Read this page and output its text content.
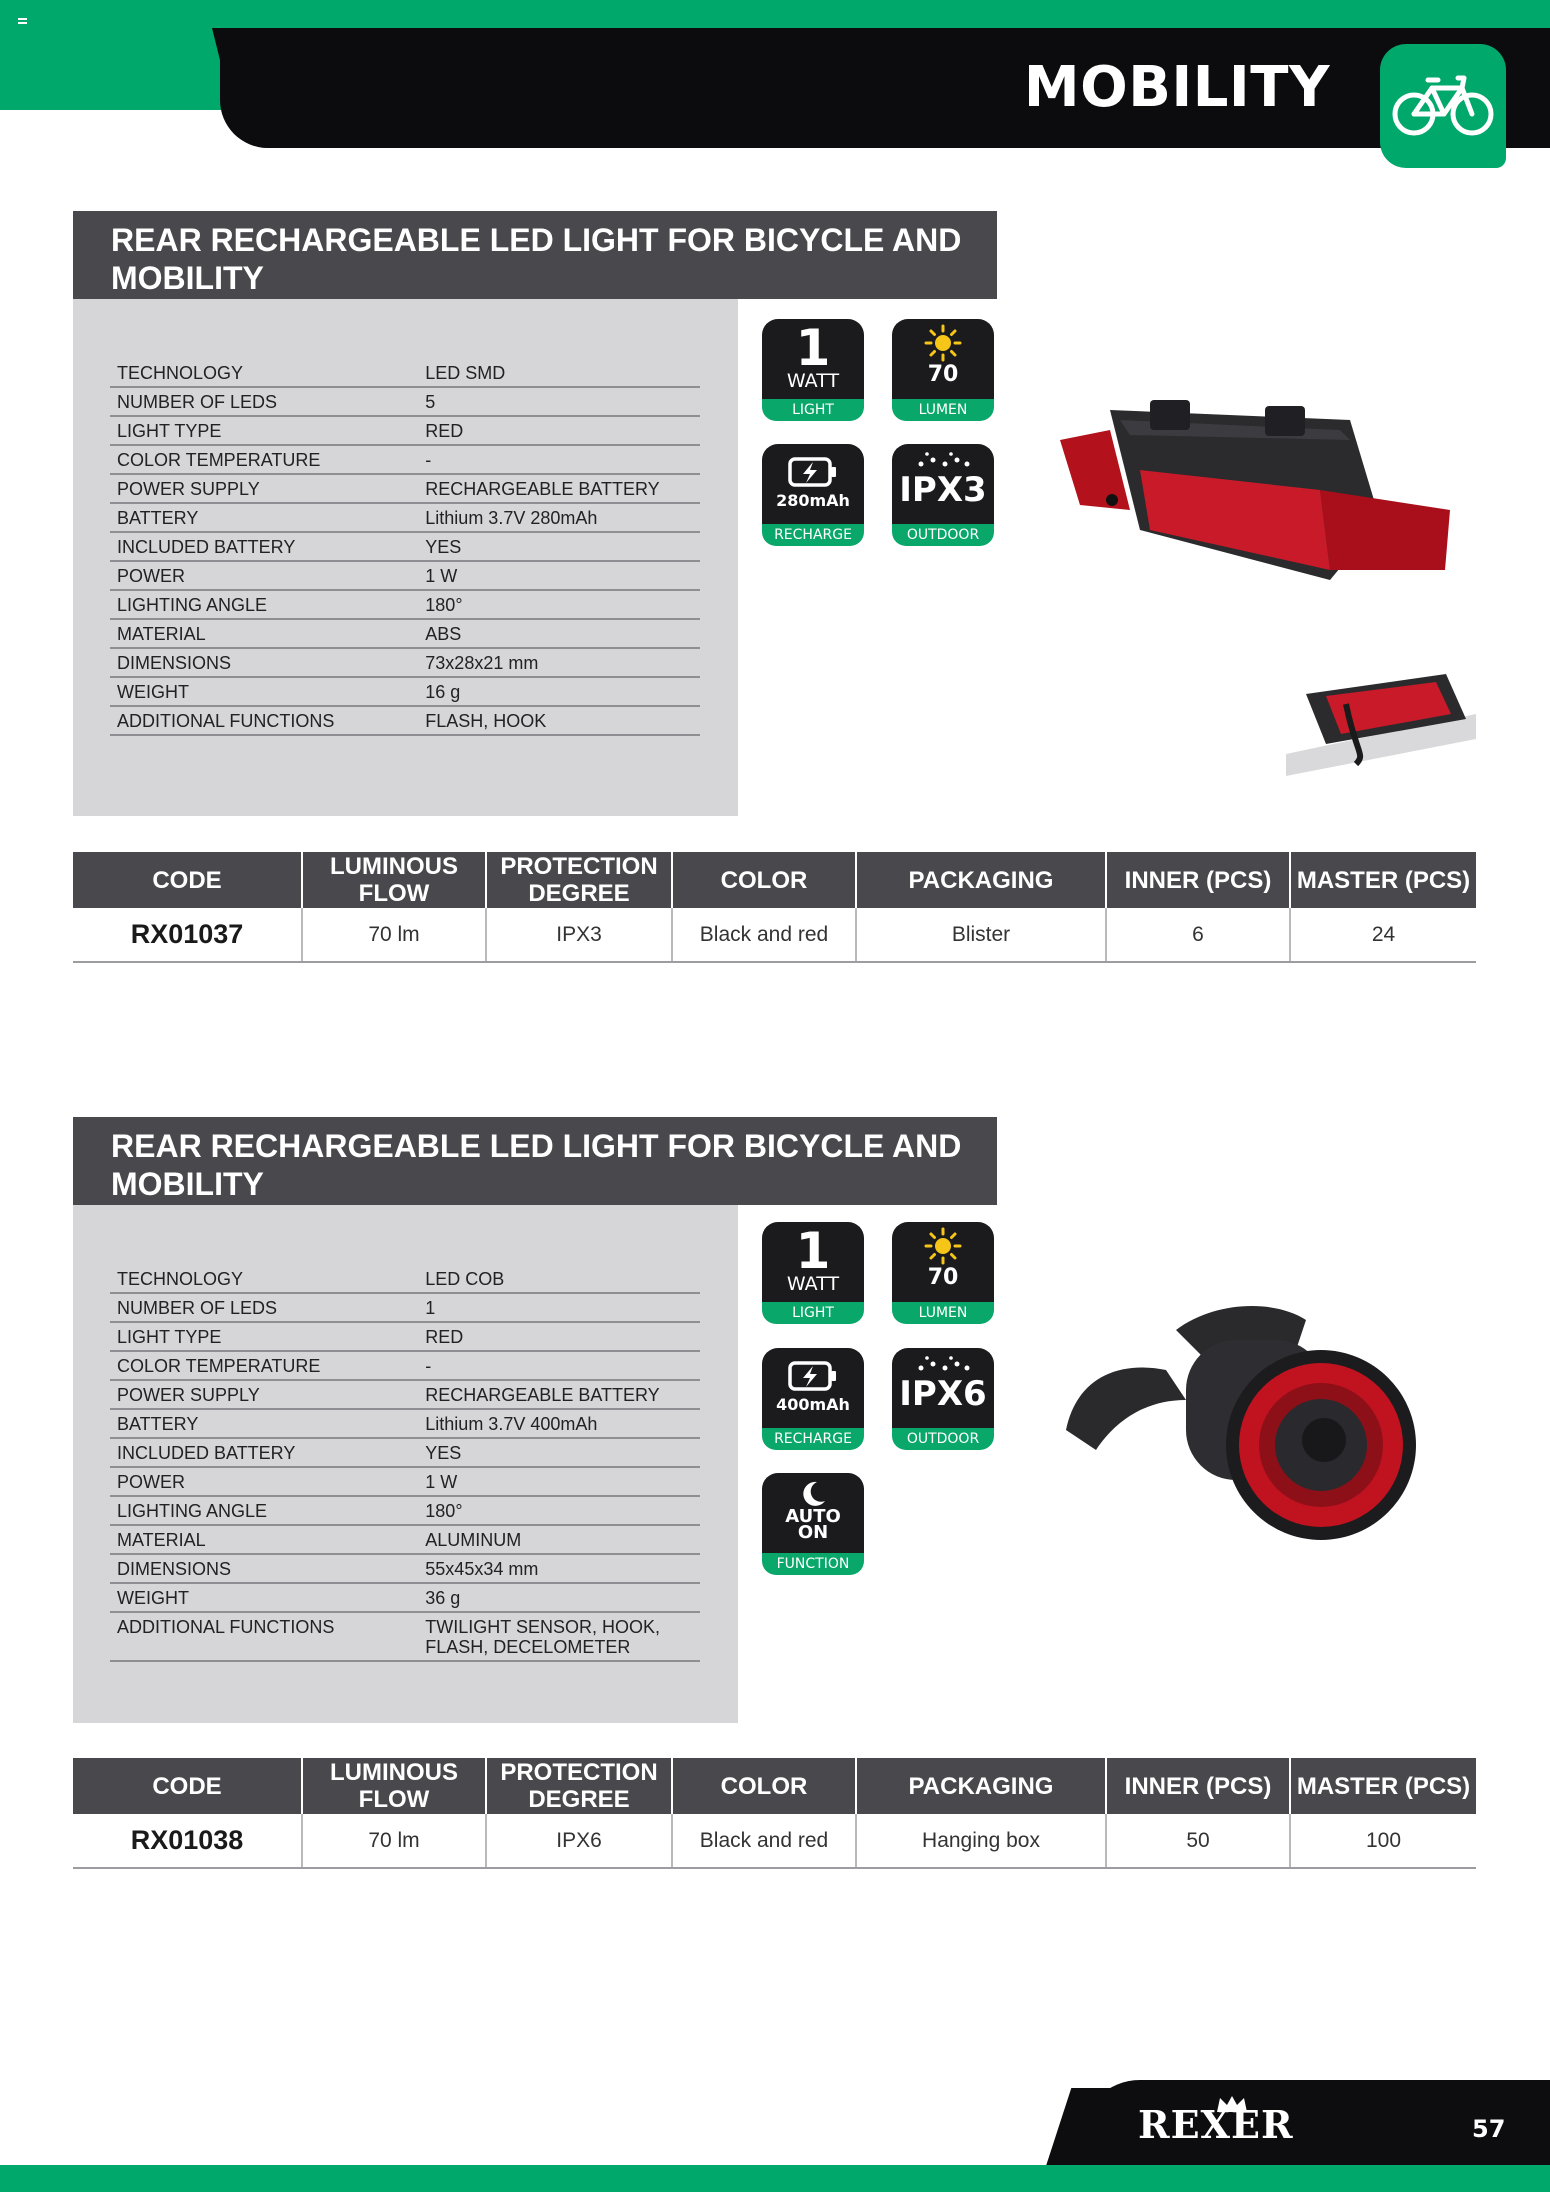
MOBILITY
REAR RECHARGEABLE LED LIGHT FOR BICYCLE AND MOBILITY
TECHNOLOGY	LED SMD
NUMBER OF LEDS	5
LIGHT TYPE	RED
COLOR TEMPERATURE	-
POWER SUPPLY	RECHARGEABLE BATTERY
BATTERY	Lithium 3.7V 280mAh
INCLUDED BATTERY	YES
POWER	1 W
LIGHTING ANGLE	180°
MATERIAL	ABS
DIMENSIONS	73x28x21 mm
WEIGHT	16 g
ADDITIONAL FUNCTIONS	FLASH, HOOK
1
WATT
LIGHT
70
LUMEN
280mAh
RECHARGE
IPX3
OUTDOOR
CODE	LUMINOUS FLOW	PROTECTION DEGREE	COLOR	PACKAGING	INNER (PCS)	MASTER (PCS)
RX01037	70 lm	IPX3	Black and red	Blister	6	24
REAR RECHARGEABLE LED LIGHT FOR BICYCLE AND MOBILITY
TECHNOLOGY	LED COB
NUMBER OF LEDS	1
LIGHT TYPE	RED
COLOR TEMPERATURE	-
POWER SUPPLY	RECHARGEABLE BATTERY
BATTERY	Lithium 3.7V 400mAh
INCLUDED BATTERY	YES
POWER	1 W
LIGHTING ANGLE	180°
MATERIAL	ALUMINUM
DIMENSIONS	55x45x34 mm
WEIGHT	36 g
ADDITIONAL FUNCTIONS	TWILIGHT SENSOR, HOOK, FLASH, DECELOMETER
1
WATT
LIGHT
70
LUMEN
400mAh
RECHARGE
IPX6
OUTDOOR
AUTO
ON
FUNCTION
CODE	LUMINOUS FLOW	PROTECTION DEGREE	COLOR	PACKAGING	INNER (PCS)	MASTER (PCS)
RX01038	70 lm	IPX6	Black and red	Hanging box	50	100
REXER	57
